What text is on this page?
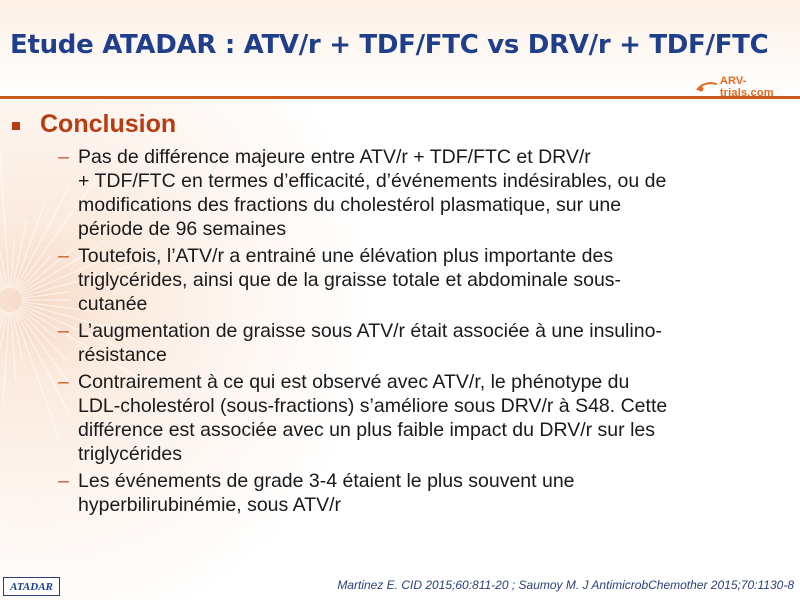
Etude ATADAR : ATV/r + TDF/FTC vs DRV/r + TDF/FTC
ARV-trials.com
Conclusion
– Pas de différence majeure entre ATV/r + TDF/FTC et DRV/r
+ TDF/FTC en termes d’efficacité, d’événements indésirables, ou de
modifications des fractions du cholestérol plasmatique, sur une
période de 96 semaines
– Toutefois, l’ATV/r a entrainé une élévation plus importante des
triglycérides, ainsi que de la graisse totale et abdominale sous-
cutanée
– L’augmentation de graisse sous ATV/r était associée à une insulino-
résistance
– Contrairement à ce qui est observé avec ATV/r, le phénotype du
LDL-cholestérol (sous-fractions) s’améliore sous DRV/r à S48. Cette
différence est associée avec un plus faible impact du DRV/r sur les
triglycérides
– Les événements de grade 3-4 étaient le plus souvent une
hyperbilirubinémie, sous ATV/r
ATADAR	Martinez E. CID 2015;60:811-20 ; Saumoy M. J AntimicrobChemother 2015;70:1130-8
